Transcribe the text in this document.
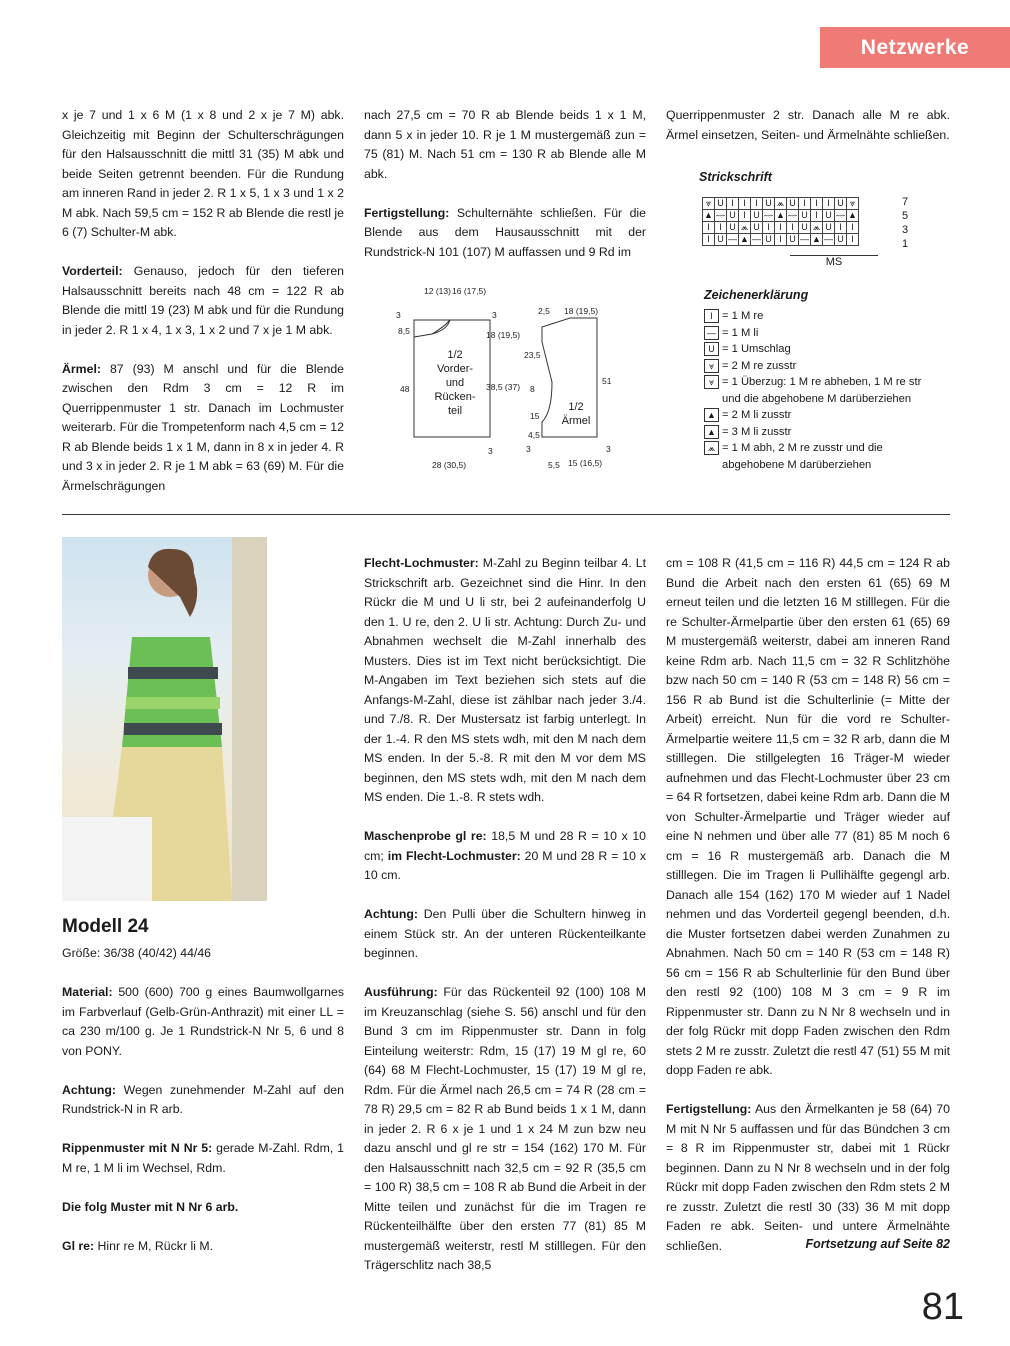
Netzwerke

x je 7 und 1 x 6 M (1 x 8 und 2 x je 7 M) abk. Gleichzeitig mit Beginn der Schulterschrägungen für den Halsausschnitt die mittl 31 (35) M abk und beide Seiten getrennt beenden. Für die Rundung am inneren Rand in jeder 2. R 1 x 5, 1 x 3 und 1 x 2 M abk. Nach 59,5 cm = 152 R ab Blende die restl je 6 (7) Schulter-M abk.

Vorderteil: Genauso, jedoch für den tieferen Halsausschnitt bereits nach 48 cm = 122 R ab Blende die mittl 19 (23) M abk und für die Rundung in jeder 2. R 1 x 4, 1 x 3, 1 x 2 und 7 x je 1 M abk.

Ärmel: 87 (93) M anschl und für die Blende zwischen den Rdm 3 cm = 12 R im Querrippenmuster 1 str. Danach im Lochmuster weiterarb. Für die Trompetenform nach 4,5 cm = 12 R ab Blende beids 1 x 1 M, dann in 8 x in jeder 4. R und 3 x in jeder 2. R je 1 M abk = 63 (69) M. Für die Ärmelschrägungen

nach 27,5 cm = 70 R ab Blende beids 1 x 1 M, dann 5 x in jeder 10. R je 1 M mustergemäß zun = 75 (81) M. Nach 51 cm = 130 R ab Blende alle M abk.

Fertigstellung: Schulternähte schließen. Für die Blende aus dem Hausausschnitt mit der Rundstrick-N 101 (107) M auffassen und 9 Rd im

Querrippenmuster 2 str. Danach alle M re abk. Ärmel einsetzen, Seiten- und Ärmelnähte schließen.

12 (13) 16 (17,5)
3
8,5
48
3
18 (19,5)
38,5 (37)
3
28 (30,5)
2,5 18 (19,5)
23,5
8
15
4,5
3
51
3
5,5 15 (16,5)
1/2 Vorder- und Rücken- teil	1/2 Ärmel
Strickschrift
⩔	U	I	I	I	U	⩕	U	I	I	I	U	⩔
▲	—	U	I	U	—	▲	—	U	I	U	—	▲
I	I	U	⩕	U	I	I	I	U	⩕	U	I	I
I	U	—	▲	—	U	I	U	—	▲	—	U	I
7
5
3
1
MS
Zeichenerklärung
I = 1 M re
— = 1 M li
U = 1 Umschlag
⩔ = 2 M re zusstr
⩔ = 1 Überzug: 1 M re abheben, 1 M re str und die abgehobene M darüberziehen
▲ = 2 M li zusstr
▲ = 3 M li zusstr
⩕ = 1 M abh, 2 M re zusstr und die abgehobene M darüberziehen
Modell 24

Größe: 36/38 (40/42) 44/46

Material: 500 (600) 700 g eines Baumwollgarnes im Farbverlauf (Gelb-Grün-Anthrazit) mit einer LL = ca 230 m/100 g. Je 1 Rundstrick-N Nr 5, 6 und 8 von PONY.

Achtung: Wegen zunehmender M-Zahl auf den Rundstrick-N in R arb.

Rippenmuster mit N Nr 5: gerade M-Zahl. Rdm, 1 M re, 1 M li im Wechsel, Rdm.

Die folg Muster mit N Nr 6 arb.

Gl re: Hinr re M, Rückr li M.

Flecht-Lochmuster: M-Zahl zu Beginn teilbar 4. Lt Strickschrift arb. Gezeichnet sind die Hinr. In den Rückr die M und U li str, bei 2 aufeinanderfolg U den 1. U re, den 2. U li str. Achtung: Durch Zu- und Abnahmen wechselt die M-Zahl innerhalb des Musters. Dies ist im Text nicht berücksichtigt. Die M-Angaben im Text beziehen sich stets auf die Anfangs-M-Zahl, diese ist zählbar nach jeder 3./4. und 7./8. R. Der Mustersatz ist farbig unterlegt. In der 1.-4. R den MS stets wdh, mit den M nach dem MS enden. In der 5.-8. R mit den M vor dem MS beginnen, den MS stets wdh, mit den M nach dem MS enden. Die 1.-8. R stets wdh.

Maschenprobe gl re: 18,5 M und 28 R = 10 x 10 cm; im Flecht-Lochmuster: 20 M und 28 R = 10 x 10 cm.

Achtung: Den Pulli über die Schultern hinweg in einem Stück str. An der unteren Rückenteilkante beginnen.

Ausführung: Für das Rückenteil 92 (100) 108 M im Kreuzanschlag (siehe S. 56) anschl und für den Bund 3 cm im Rippenmuster str. Dann in folg Einteilung weiterstr: Rdm, 15 (17) 19 M gl re, 60 (64) 68 M Flecht-Lochmuster, 15 (17) 19 M gl re, Rdm. Für die Ärmel nach 26,5 cm = 74 R (28 cm = 78 R) 29,5 cm = 82 R ab Bund beids 1 x 1 M, dann in jeder 2. R 6 x je 1 und 1 x 24 M zun bzw neu dazu anschl und gl re str = 154 (162) 170 M. Für den Halsausschnitt nach 32,5 cm = 92 R (35,5 cm = 100 R) 38,5 cm = 108 R ab Bund die Arbeit in der Mitte teilen und zunächst für die im Tragen re Rückenteilhälfte über den ersten 77 (81) 85 M mustergemäß weiterstr, restl M stilllegen. Für den Trägerschlitz nach 38,5

cm = 108 R (41,5 cm = 116 R) 44,5 cm = 124 R ab Bund die Arbeit nach den ersten 61 (65) 69 M erneut teilen und die letzten 16 M stilllegen. Für die re Schulter-Ärmelpartie über den ersten 61 (65) 69 M mustergemäß weiterstr, dabei am inneren Rand keine Rdm arb. Nach 11,5 cm = 32 R Schlitzhöhe bzw nach 50 cm = 140 R (53 cm = 148 R) 56 cm = 156 R ab Bund ist die Schulterlinie (= Mitte der Arbeit) erreicht. Nun für die vord re Schulter-Ärmelpartie weitere 11,5 cm = 32 R arb, dann die M stilllegen. Die stillgelegten 16 Träger-M wieder aufnehmen und das Flecht-Lochmuster über 23 cm = 64 R fortsetzen, dabei keine Rdm arb. Dann die M von Schulter-Ärmelpartie und Träger wieder auf eine N nehmen und über alle 77 (81) 85 M noch 6 cm = 16 R mustergemäß arb. Danach die M stilllegen. Die im Tragen li Pullihälfte gegengl arb. Danach alle 154 (162) 170 M wieder auf 1 Nadel nehmen und das Vorderteil gegengl beenden, d.h. die Muster fortsetzen dabei werden Zunahmen zu Abnahmen. Nach 50 cm = 140 R (53 cm = 148 R) 56 cm = 156 R ab Schulterlinie für den Bund über den restl 92 (100) 108 M 3 cm = 9 R im Rippenmuster str. Dann zu N Nr 8 wechseln und in der folg Rückr mit dopp Faden zwischen den Rdm stets 2 M re zusstr. Zuletzt die restl 47 (51) 55 M mit dopp Faden re abk.

Fertigstellung: Aus den Ärmelkanten je 58 (64) 70 M mit N Nr 5 auffassen und für das Bündchen 3 cm = 8 R im Rippenmuster str, dabei mit 1 Rückr beginnen. Dann zu N Nr 8 wechseln und in der folg Rückr mit dopp Faden zwischen den Rdm stets 2 M re zusstr. Zuletzt die restl 30 (33) 36 M mit dopp Faden re abk. Seiten- und untere Ärmelnähte schließen.	Fortsetzung auf Seite 82
81
